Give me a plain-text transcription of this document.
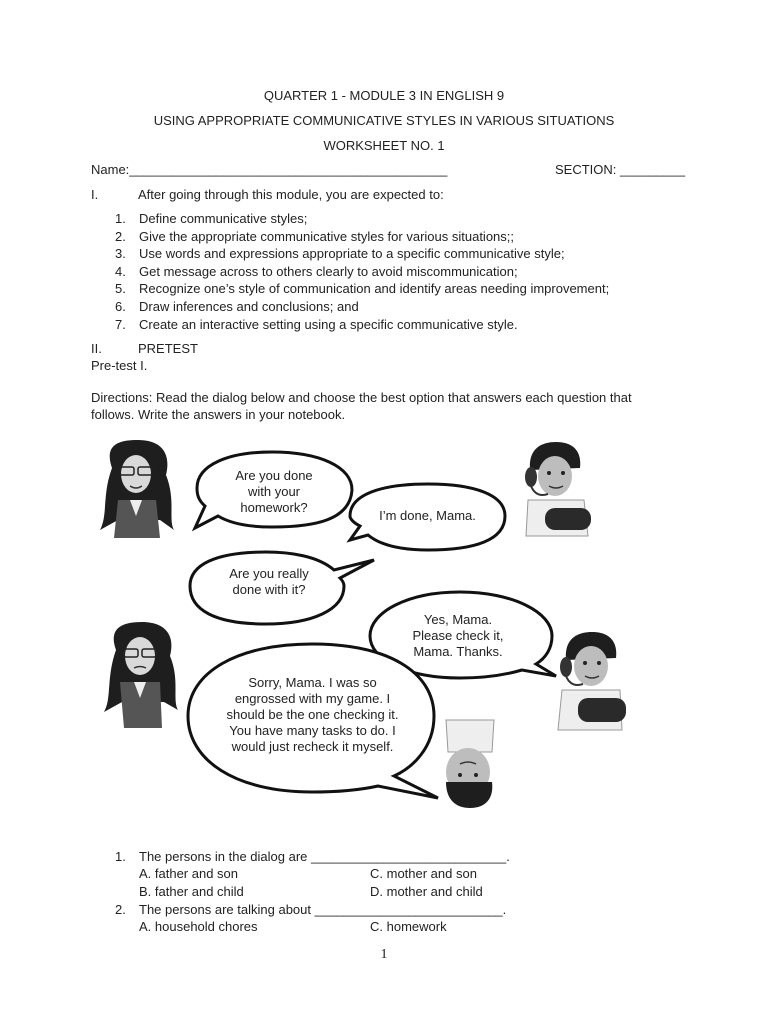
QUARTER 1 - MODULE 3 IN ENGLISH 9
USING APPROPRIATE COMMUNICATIVE STYLES IN VARIOUS SITUATIONS
WORKSHEET NO. 1
Name:____________________________________________	SECTION: _________
I.	After going through this module, you are expected to:
1. Define communicative styles;
2. Give the appropriate communicative styles for various situations;;
3. Use words and expressions appropriate to a specific communicative style;
4. Get message across to others clearly to avoid miscommunication;
5. Recognize one’s style of communication and identify areas needing improvement;
6. Draw inferences and conclusions; and
7. Create an interactive setting using a specific communicative style.
II.	PRETEST
Pre-test I.
Directions: Read the dialog below and choose the best option that answers each question that
follows. Write the answers in your notebook.
Are you done
with your
homework?
I’m done, Mama.
Are you really
done with it?
Yes, Mama.
Please check it,
Mama. Thanks.
Sorry, Mama. I was so
engrossed with my game. I
should be the one checking it.
You have many tasks to do. I
would just recheck it myself.
1. The persons in the dialog are ___________________________.
A. father and son	C. mother and son
B. father and child	D. mother and child
2. The persons are talking about __________________________.
A. household chores	C. homework
1
